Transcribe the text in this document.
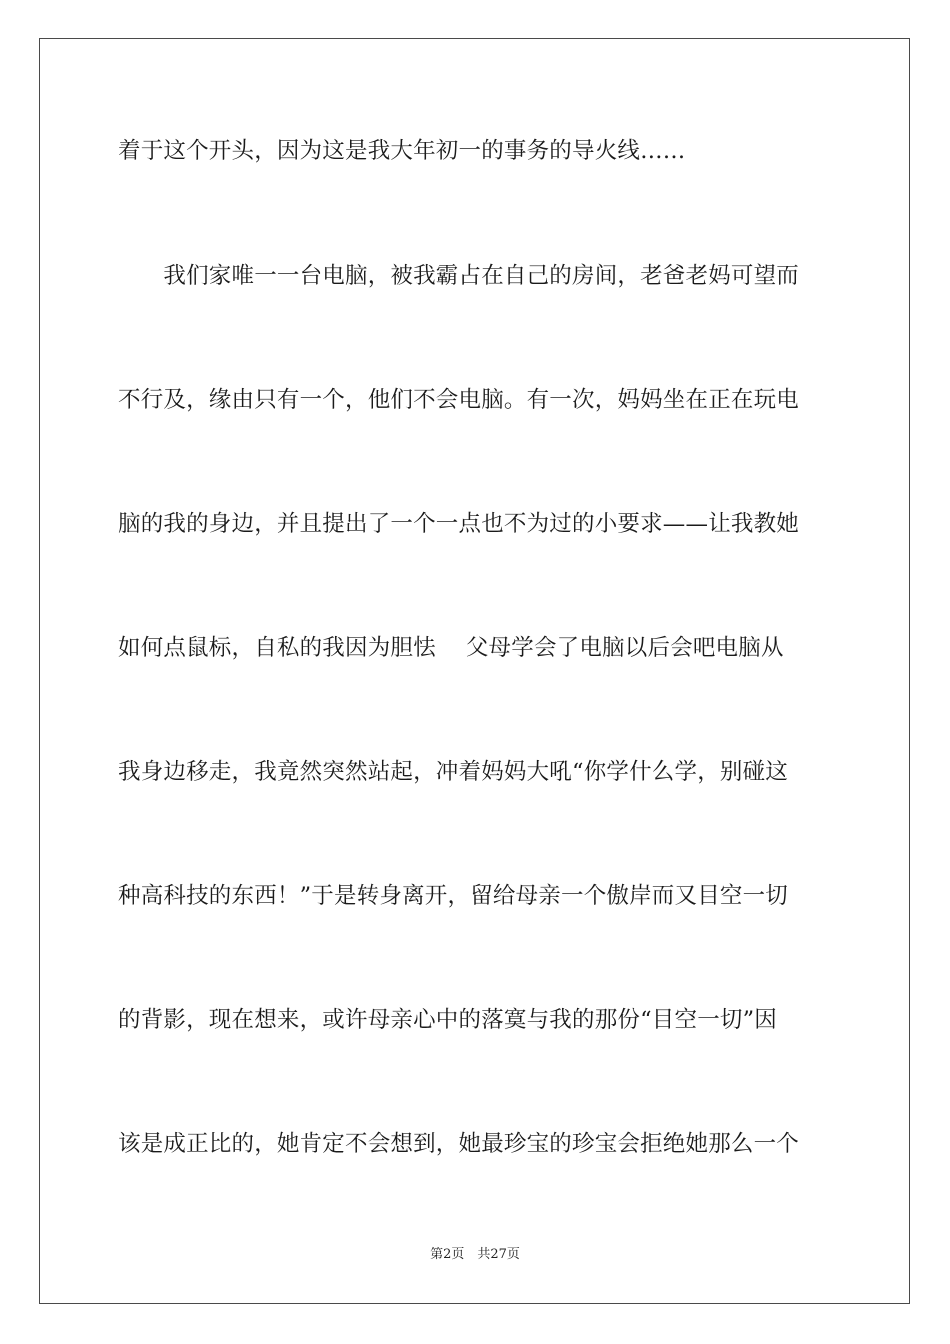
着于这个开头，因为这是我大年初一的事务的导火线……
　　我们家唯一一台电脑，被我霸占在自己的房间，老爸老妈可望而
不行及，缘由只有一个，他们不会电脑。有一次，妈妈坐在正在玩电
脑的我的身边，并且提出了一个一点也不为过的小要求——让我教她
如何点鼠标，自私的我因为胆怯　 父母学会了电脑以后会吧电脑从
我身边移走，我竟然突然站起，冲着妈妈大吼“你学什么学，别碰这
种高科技的东西！”于是转身离开，留给母亲一个傲岸而又目空一切
的背影，现在想来，或许母亲心中的落寞与我的那份“目空一切”因
该是成正比的，她肯定不会想到，她最珍宝的珍宝会拒绝她那么一个
第2页　共27页
